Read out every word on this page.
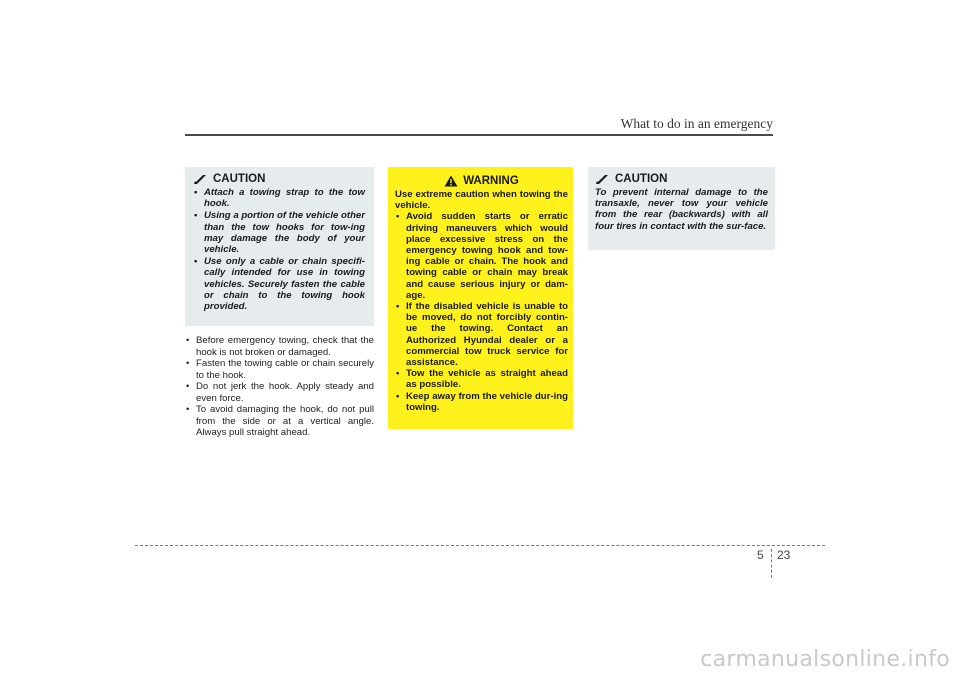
What to do in an emergency
CAUTION
• Attach a towing strap to the tow hook.
• Using a portion of the vehicle other than the tow hooks for tow-ing may damage the body of your vehicle.
• Use only a cable or chain specifi-cally intended for use in towing vehicles. Securely fasten the cable or chain to the towing hook provided.
• Before emergency towing, check that the hook is not broken or damaged.
• Fasten the towing cable or chain securely to the hook.
• Do not jerk the hook. Apply steady and even force.
• To avoid damaging the hook, do not pull from the side or at a vertical angle. Always pull straight ahead.
WARNING
Use extreme caution when towing the vehicle.
• Avoid sudden starts or erratic driving maneuvers which would place excessive stress on the emergency towing hook and tow-ing cable or chain. The hook and towing cable or chain may break and cause serious injury or dam-age.
• If the disabled vehicle is unable to be moved, do not forcibly contin-ue the towing. Contact an Authorized Hyundai dealer or a commercial tow truck service for assistance.
• Tow the vehicle as straight ahead as possible.
• Keep away from the vehicle dur-ing towing.
CAUTION
To prevent internal damage to the transaxle, never tow your vehicle from the rear (backwards) with all four tires in contact with the sur-face.
5 23
carmanualsonline.info
